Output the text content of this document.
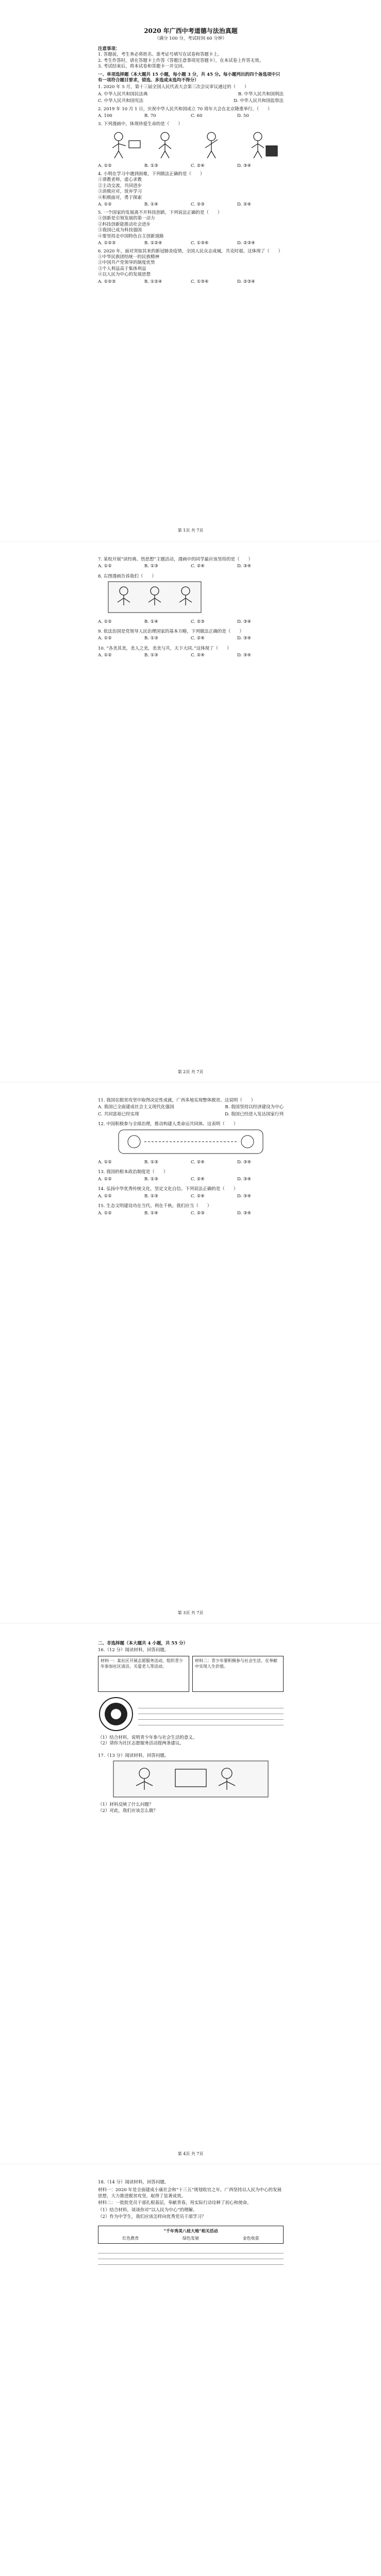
2020 年广西中考道德与法治真题
（满分 100 分，考试时间 60 分钟）
注意事项：
1. 答题前，考生务必将姓名、准考证号填写在试卷和答题卡上。
2. 考生作答时，请在答题卡上作答（答题注意事项见答题卡），在本试卷上作答无效。
3. 考试结束后，将本试卷和答题卡一并交回。
一、单项选择题（本大题共 15 小题，每小题 3 分，共 45 分。每小题列出的四个备选项中只有一项符合题目要求，错选、多选或未选均不得分）
1. 2020 年 5 月，第十三届全国人民代表大会第三次会议审议通过的（　　）
A. 中华人民共和国民法典	B. 中华人民共和国刑法
C. 中华人民共和国宪法	D. 中华人民共和国监察法
2. 2019 年 10 月 1 日，庆祝中华人民共和国成立 70 周年大会在北京隆重举行。（　　）
A. 100	B. 70	C. 60	D. 50
3. 下列漫画中，体现珍爱生命的是（　　）
A. ①②	B. ①③	C. ②④	D. ③④
4. 小明在学习中遇到困难，下列做法正确的是（　　）
①请教老师，虚心求教
②主动交流，共同进步
③消极应对，放弃学习
④积极面对，勇于探索
A. ①②	B. ①④	C. ②③	D. ②④
5. 一个国家的发展离不开科技创新，下列说法正确的是（　　）
①创新是引领发展的第一动力
②科技创新能推动社会进步
③我国已成为科技强国
④要坚持走中国特色自主创新道路
A. ①②③	B. ①②④	C. ①③④	D. ②③④
6. 2020 年，面对突如其来的新冠肺炎疫情，全国人民众志成城，共克时艰。这体现了（　　）
①中华民族团结统一的民族精神
②中国共产党领导的制度优势
③个人利益高于集体利益
④以人民为中心的发展思想
A. ①②③	B. ①②④	C. ①③④	D. ②③④
第 1页 共 7页
7. 某校开展“读经典、悟思想”主题活动，漫画中的同学最应该坚持的是（　　）
A. ①②	B. ①③	C. ②④	D. ③④
8. 右图漫画告诉我们（　　）
A. ①②	B. ①④	C. ②③	D. ③④
9. 依法治国是党领导人民治理国家的基本方略，下列做法正确的是（　　）
A. ①②	B. ①③	C. ②④	D. ③④
10. “各美其美，美人之美，美美与共，天下大同。”这体现了（　　）
A. ①②	B. ①③	C. ②④	D. ③④
第 2页 共 7页
11. 我国在脱贫攻坚中取得决定性成就，广西多地实现整体脱贫。这说明（　　）
A. 我国已全面建成社会主义现代化强国	B. 我国坚持以经济建设为中心
C. 共同富裕已经实现	D. 我国已经进入发达国家行列
12. 中国积极参与全球治理，推动构建人类命运共同体。这表明（　　）
A. ①②	B. ①③	C. ②④	D. ③④
13. 我国的根本政治制度是（　　）
A. ①②	B. ①③	C. ②④	D. ③④
14. 弘扬中华优秀传统文化，坚定文化自信。下列说法正确的是（　　）
A. ①②	B. ①③	C. ②④	D. ③④
15. 生态文明建设功在当代、利在千秋。我们应当（　　）
A. ①②	B. ①④	C. ②③	D. ③④
第 3页 共 7页
二、非选择题（本大题共 4 小题，共 55 分）
16.（12 分）阅读材料，回答问题。
材料一：某社区开展志愿服务活动，组织青少年参加社区清洁、关爱老人等活动。
材料二：青少年要积极参与社会生活，在奉献中实现人生价值。
（1）结合材料，说明青少年参与社会生活的意义。
（2）请你为社区志愿服务活动提两条建议。
17.（13 分）阅读材料，回答问题。
（1）材料反映了什么问题？
（2）对此，我们应该怎么做？
第 4页 共 7页
18.（14 分）阅读材料，回答问题。
材料一：2020 年是全面建成小康社会和“十三五”规划收官之年，广西坚持以人民为中心的发展思想，大力推进脱贫攻坚，取得了显著成效。
材料二：一批批党员干部扎根基层，奉献青春，用实际行动诠释了初心和使命。
（1）结合材料，谈谈你对“以人民为中心”的理解。
（2）作为中学生，我们应该怎样向优秀党员干部学习？
“千年秀美八桂大地”相关活动
红色教育	绿色发展	金色收获
